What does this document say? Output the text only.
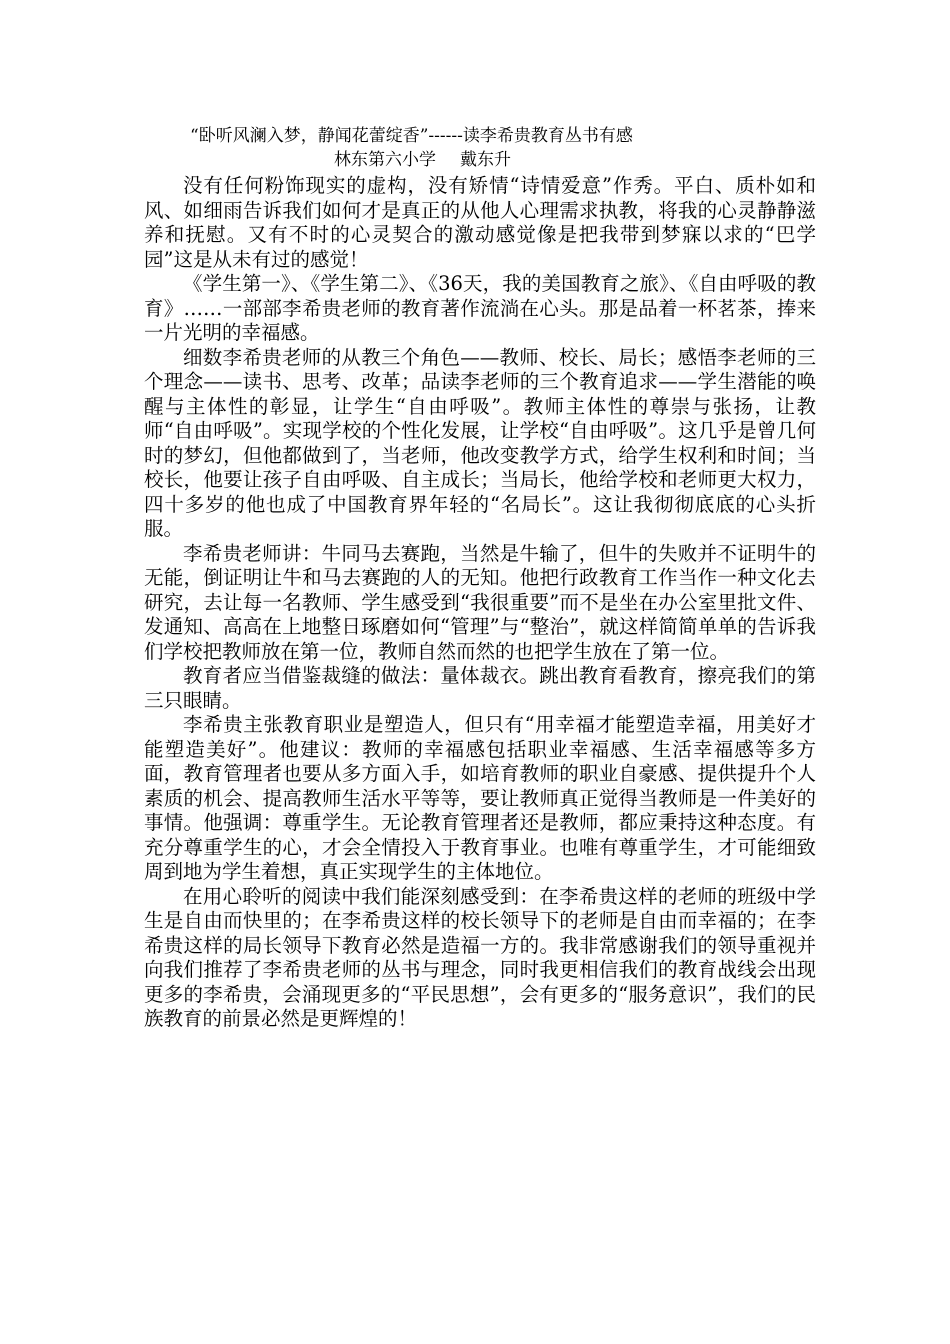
“卧听风澜入梦，静闻花蕾绽香”------读李希贵教育丛书有感
林东第六小学 戴东升

没有任何粉饰现实的虚构，没有矫情“诗情爱意”作秀。平白、质朴如和风、如细雨告诉我们如何才是真正的从他人心理需求执教，将我的心灵静静滋养和抚慰。又有不时的心灵契合的激动感觉像是把我带到梦寐以求的“巴学园”这是从未有过的感觉！

《学生第一》、《学生第二》、《36天，我的美国教育之旅》、《自由呼吸的教育》……一部部李希贵老师的教育著作流淌在心头。那是品着一杯茗茶，捧来一片光明的幸福感。

细数李希贵老师的从教三个角色——教师、校长、局长；感悟李老师的三个理念——读书、思考、改革；品读李老师的三个教育追求——学生潜能的唤醒与主体性的彰显，让学生“自由呼吸”。教师主体性的尊崇与张扬，让教师“自由呼吸”。实现学校的个性化发展，让学校“自由呼吸”。这几乎是曾几何时的梦幻，但他都做到了，当老师，他改变教学方式，给学生权利和时间；当校长，他要让孩子自由呼吸、自主成长；当局长，他给学校和老师更大权力，四十多岁的他也成了中国教育界年轻的“名局长”。这让我彻彻底底的心头折服。

李希贵老师讲：牛同马去赛跑，当然是牛输了，但牛的失败并不证明牛的无能，倒证明让牛和马去赛跑的人的无知。他把行政教育工作当作一种文化去研究，去让每一名教师、学生感受到“我很重要”而不是坐在办公室里批文件、发通知、高高在上地整日琢磨如何“管理”与“整治”，就这样简简单单的告诉我们学校把教师放在第一位，教师自然而然的也把学生放在了第一位。

教育者应当借鉴裁缝的做法：量体裁衣。跳出教育看教育，擦亮我们的第三只眼睛。

李希贵主张教育职业是塑造人，但只有“用幸福才能塑造幸福，用美好才能塑造美好”。他建议：教师的幸福感包括职业幸福感、生活幸福感等多方面，教育管理者也要从多方面入手，如培育教师的职业自豪感、提供提升个人素质的机会、提高教师生活水平等等，要让教师真正觉得当教师是一件美好的事情。他强调：尊重学生。无论教育管理者还是教师，都应秉持这种态度。有充分尊重学生的心，才会全情投入于教育事业。也唯有尊重学生，才可能细致周到地为学生着想，真正实现学生的主体地位。

在用心聆听的阅读中我们能深刻感受到：在李希贵这样的老师的班级中学生是自由而快里的；在李希贵这样的校长领导下的老师是自由而幸福的；在李希贵这样的局长领导下教育必然是造福一方的。我非常感谢我们的领导重视并向我们推荐了李希贵老师的丛书与理念，同时我更相信我们的教育战线会出现更多的李希贵，会涌现更多的“平民思想”，会有更多的“服务意识”，我们的民族教育的前景必然是更辉煌的！
